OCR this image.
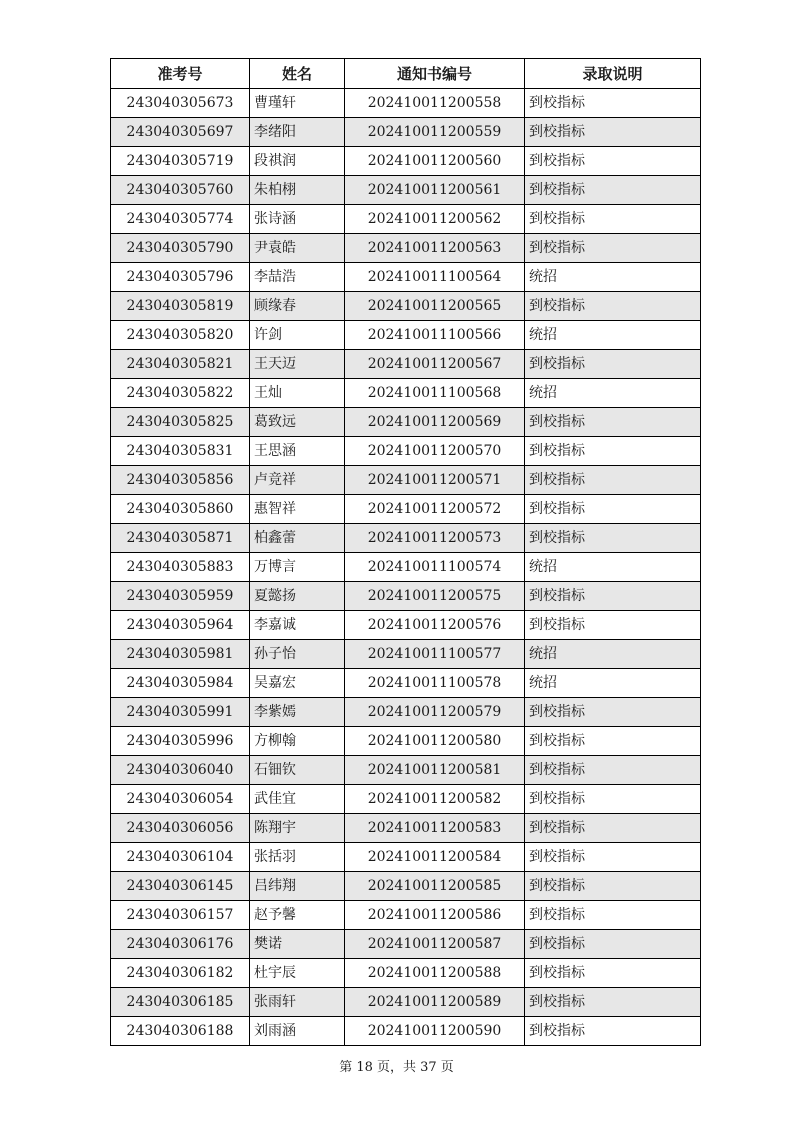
准考号	姓名	通知书编号	录取说明
243040305673	曹瑾轩	202410011200558	到校指标
243040305697	李绪阳	202410011200559	到校指标
243040305719	段祺润	202410011200560	到校指标
243040305760	朱柏栩	202410011200561	到校指标
243040305774	张诗涵	202410011200562	到校指标
243040305790	尹袁皓	202410011200563	到校指标
243040305796	李喆浩	202410011100564	统招
243040305819	顾缘春	202410011200565	到校指标
243040305820	许剑	202410011100566	统招
243040305821	王天迈	202410011200567	到校指标
243040305822	王灿	202410011100568	统招
243040305825	葛致远	202410011200569	到校指标
243040305831	王思涵	202410011200570	到校指标
243040305856	卢竞祥	202410011200571	到校指标
243040305860	惠智祥	202410011200572	到校指标
243040305871	柏鑫蕾	202410011200573	到校指标
243040305883	万博言	202410011100574	统招
243040305959	夏懿扬	202410011200575	到校指标
243040305964	李嘉诚	202410011200576	到校指标
243040305981	孙子怡	202410011100577	统招
243040305984	吴嘉宏	202410011100578	统招
243040305991	李紫嫣	202410011200579	到校指标
243040305996	方柳翰	202410011200580	到校指标
243040306040	石钿钦	202410011200581	到校指标
243040306054	武佳宜	202410011200582	到校指标
243040306056	陈翔宇	202410011200583	到校指标
243040306104	张括羽	202410011200584	到校指标
243040306145	吕纬翔	202410011200585	到校指标
243040306157	赵予馨	202410011200586	到校指标
243040306176	樊诺	202410011200587	到校指标
243040306182	杜宇辰	202410011200588	到校指标
243040306185	张雨轩	202410011200589	到校指标
243040306188	刘雨涵	202410011200590	到校指标
第 18 页，共 37 页
